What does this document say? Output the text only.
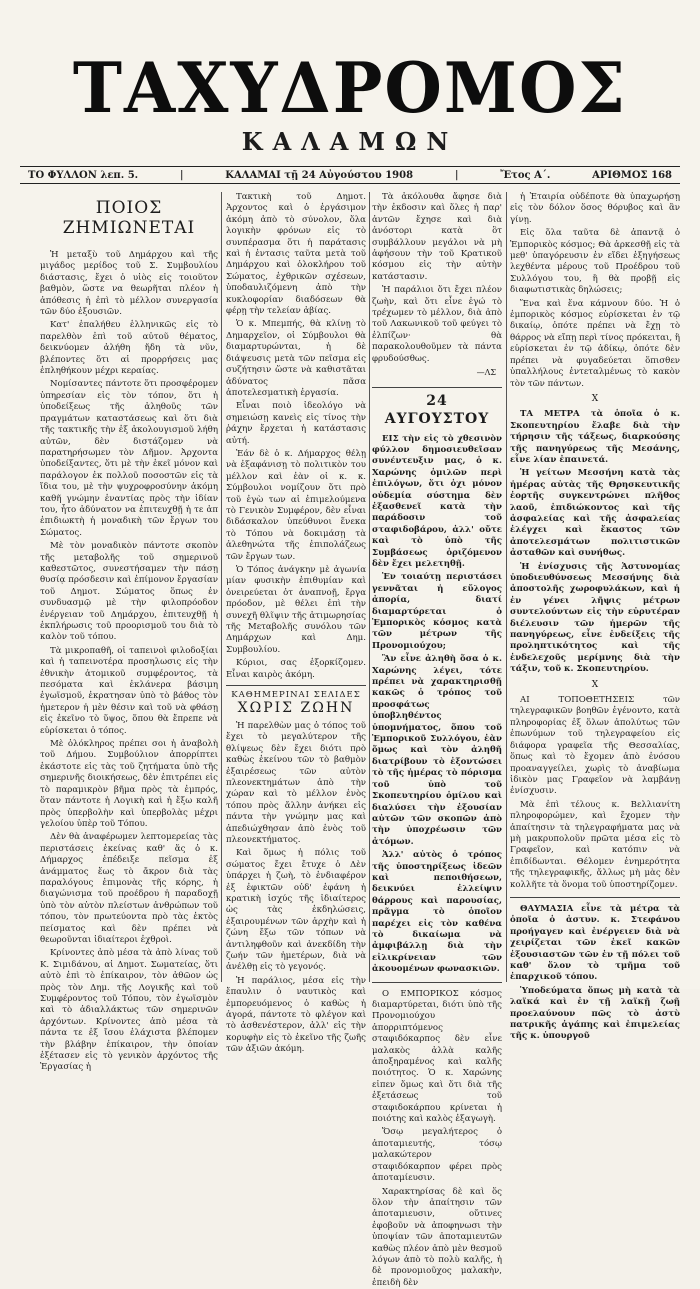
ΤΑΧΥΔΡΟΜΟΣ
ΚΑΛΑΜΩΝ
ΤΟ ΦΥΛΛΟΝ λεπ. 5.	|	ΚΑΛΑΜΑΙ τῇ 24 Αὐγούστου 1908	|	Ἔτος Α΄.	ΑΡΙΘΜΟΣ 168
ΠΟΙΟΣ ΖΗΜΙΩΝΕΤΑΙ

Ἡ μεταξὺ τοῦ Δημάρχου καὶ τῆς μιγάδος μερίδος τοῦ Σ. Συμβουλίου διάστασις, ἔχει ὁ υἱὸς εἰς τοιοῦτον βαθμὸν, ὥστε να θεωρῆται πλέον ἡ ἀπόθεσις ἡ ἐπὶ τὸ μέλλον συνεργασία τῶν δύο ἐξουσιῶν.

Κατ' ἐπαλήθευ ἑλληνικῶς εἰς τὸ παρελθὸν ἐπὶ τοῦ αὐτοῦ θέματος, δεικνύομεν ἀλήθη ἤδη τὰ νῦν, βλέποντες ὅτι αἱ προρρήσεις μας ἐπληθήκουν μέχρι κεραίας.

Νομίσαντες πάντοτε ὅτι προσφέρομεν ὑπηρεσίαν εἰς τὸν τόπον, ὅτι ἡ ὑποδείξεως τῆς ἀληθοῦς τῶν πραγμάτων καταστάσεως καὶ ὅτι διὰ τῆς τακτικῆς τὴν ἐξ ἀκολουγισμοῦ λήθη αὐτῶν, δὲν διστάζομεν νὰ παρατηρήσωμεν τὸν Δῆμον. Ἀρχοντα ὑποδείξαντες, ὅτι μὲ τὴν ἐκεῖ μόνον καὶ παράλογον ἐκ πολλοῦ ποσοστῶν εἰς τὰ ἴδια του, μὲ τὴν ψυχροφροσύνην ἀκόμη καθῆ γνώμην ἐναντίας πρὸς τὴν ἰδίαν του, ἦτο ἀδύνατον να ἐπιτευχθῇ ἡ τε ἀπ ἐπιδιωκτὴ ἡ μοναδικὴ τῶν ἔργων του Σώματος.

Μὲ τὸν μοναδικὸν πάντοτε σκοπὸν τῆς μεταβολῆς τοῦ σημερινοῦ καθεστῶτος, συνεστήσαμεν τὴν πάσῃ θυσίᾳ πρόσδεσιν καὶ ἐπίμονον ἔργασίαν τοῦ Δημοτ. Σώματος ὅπως ἐν συνδυασμῷ μὲ τὴν φιλοπρόοδον ἐνέργειαν τοῦ Δημάρχου, ἐπιτευχθῇ ἡ ἐκπλήρωσις τοῦ προορισμοῦ του διὰ τὸ καλὸν τοῦ τόπου.

Τὰ μικροπαθῆ, οἱ ταπεινοὶ φιλοδοξίαι καὶ ἡ ταπεινοτέρα προσηλωσις εἰς τὴν ἐθνικὴν ἀτομικοῦ συμφέροντος, τὰ πεσόματα καὶ ἐκλάνερα βάσιμη ἐγωϊσμοῦ, ἐκρατησαν ὑπὸ τὸ βάθος τὸν ἡμετερον ἡ μὲν θέσιν καὶ τοῦ νὰ φθάσῃ εἰς ἐκεῖνο τὸ ὕψος, ὅπου θὰ ἔπρεπε νὰ εὑρίσκεται ὁ τόπος.

Μὲ ὁλόκληρος πρέπει σοι ἡ ἀναβολὴ τοῦ Δήμου. Συμβούλιον ἀπορρίπτει ἑκάστοτε εἰς τὰς τοῦ ζητήματα ὑπὸ τῆς σημερινῆς διοικήσεως, δὲν ἐπιτρέπει εἰς τὸ παραμικρὸν βῆμα πρὸς τὰ ἐμπρός, ὅταν πάντοτε ἡ Λογικὴ καὶ ἡ ἔξω καλῆ πρὸς ὑπερβολὴν καὶ ὑπερβολὰς μέχρι γελοίου ὑπὲρ τοῦ Τόπου.

Δὲν θὰ ἀναφέρωμεν λεπτομερείας τὰς περιστάσεις ἐκείνας καθ' ἅς ὁ κ. Δήμαρχος ἐπέδειξε πεῖσμα ἐξ ἀνάμματος ἕως τὸ ἄκρον διὰ τὰς παραλόγους ἐπιμονὰς τῆς κόρης, ἡ διαγώνισμα τοῦ προέδρου ἡ παραδοχῇ ὑπὸ τὸν αὐτὸν πλείστων ἀνθρώπων τοῦ τόπου, τὸν πρωτεύοντα πρὸ τὰς ἐκτὸς πείσματος καὶ δὲν πρέπει νὰ θεωροῦνται ἰδιαίτεροι ἐχθροὶ.

Κρίνοντες ἀπὸ μέσα τὰ ἀπὸ λίνας τοῦ Κ. Σιμιδάνου, αἱ Δημοτ. Σωματείας, ὅτι αὐτὸ ἐπὶ τὸ ἐπίκαιρον, τὸν ἀθῶον ὡς πρὸς τὸν Δημ. τῆς Λογικῆς καὶ τοῦ Συμφέροντος τοῦ Τόπου, τὸν ἐγωϊσμὸν καὶ τὸ ἀδιαλλάκτως τῶν σημερινῶν ἀρχόντων. Κρίνοντες ἀπὸ μέσα τὰ πάντα τε ἐξ ἴσου ἐλάχιστα βλέπομεν τὴν βλάβην ἐπίκαιρον, τὴν ὁποίαν ἐξέτασεν εἰς τὸ γενικὸν ἀρχόντος τῆς Ἐργασίας ἡ

Τακτικὴ τοῦ Δημοτ. Ἀρχοντος καὶ ὁ ἐργάσιμον ἀκόμη ἀπὸ τὸ σύνολον, ὅλα λογικὴν φρόνων εἰς τὸ συνπέρασμα ὅτι ἡ παράτασις καὶ ἡ ἐντασις ταῦτα μετὰ τοῦ Δημάρχου καὶ ὁλοκλήρου τοῦ Σώματος, ἐχθρικῶν σχέσεων, ὑποδαυλιζόμενη ἀπὸ τὴν κυκλοφορίαν διαδόσεων θὰ φέρῃ τὴν τελείαν ἀβίας.

Ὁ κ. Μπεμπής, θὰ κλίνῃ τὸ Δημαρχεῖον, οἱ Σύμβουλοι θὰ διαμαρτυρώνται, ἡ δὲ διάψευσις μετὰ τῶν πεῖσμα εἰς συζήτησιν ὥστε νὰ καθιστᾶται ἀδύνατος πᾶσα ἀποτελεσματικὴ ἐργασία.

Εἶναι ποιὸ ἰδεολόγο νὰ σημειώσῃ κανεὶς εἰς τίνος τὴν ῥάχην ἔρχεται ἡ κατάστασις αὐτή.

Ἐάν δὲ ὁ κ. Δήμαρχος θέλῃ νὰ ἐξαφάνισῃ τὸ πολιτικὸν του μέλλον καὶ ἐὰν οἱ κ. κ. Σύμβουλοι νομίζουν ὅτι πρὸ τοῦ ἐγὼ των αἱ ἐπιμελούμενα τὸ Γενικὸν Συμφέρον, δὲν εἶναι διδάσκαλον ὑπεύθυνοι ἕνεκα τὸ Τόπου νὰ δοκιμάσῃ τὰ ἀλεθηνώτα τῆς ἐπιπολάζεως τῶν ἔργων των.

Ὁ Τόπος ἀνάγκην μὲ ἀγωνία μίαν φυσικὴν ἐπιθυμίαν καὶ ὀνειρεύεται ὁτ ἀναπνοῇ, ἔργα πρόοδον, μὲ θέλει ἐπὶ τὴν συνεχῆ θλῖψιν τῆς ἀτιμωρησίας τῆς Μεταβολῆς συνόλου τῶν Δημάρχων καὶ Δημ. Συμβουλίου.

Κύριοι, σας ἐξορκίζομεν. Εἶναι καιρὸς ἀκόμη.

ΚΑΘΗΜΕΡΙΝΑΙ ΣΕΛΙΔΕΣ
ΧΩΡΙΣ ΖΩΗΝ

Ἡ παρελθὼν μας ὁ τόπος τοῦ ἔχει τὸ μεγαλύτερον τῆς θλίψεως δὲν ἔχει διότι πρὸ καθὼς ἐκείνου τῶν τὸ βαθμὸν ἐξαιρέσεως τῶν αὐτὸν πλεονεκτημάτων ἀπὸ τὴν χώραν καὶ τὸ μέλλον ἑνὸς τόπου πρὸς ἄλλην ἀνήκει εἰς πάντα τὴν γνώμην μας καὶ ἀπεδιώχθησαν ἀπὸ ἑνὸς τοῦ πλεονεκτήματος.

Καὶ ὅμως ἡ πόλις τοῦ σώματος ἔχει ἔτυχε ὁ Δὲν ὑπάρχει ἡ ζωὴ, τὸ ἐνδιαφέρον ἐξ ἐφικτῶν οὐδ' ἐφάνη ἡ κρατικὴ ἰσχύς τῆς ἰδιαίτερος ὡς τὰς ἐκδηλώσεις, ἐξαιρουμένων τῶν ἀρχὴν καὶ ἡ ζώνη ἔξω τῶν τόπων νὰ ἀντιληφθοῦν καὶ ἀνεκδίδη τὴν ζωήν τῶν ἡμετέρων, διὰ νὰ ἀνέλθῃ εἰς τὸ γεγονός.

Ἡ παράλιος, μέσα εἰς τὴν ἔπαυλιν ὁ ναυτικὸς καὶ ἐμπορευόμενος ὁ καθὼς ἡ ἀγορά, πάντοτε τὸ φλέγον καὶ τὸ ἀσθενέστερον, ἀλλ' εἰς τὴν κορυφὴν εἰς τὸ ἐκεῖνο τῆς ζωῆς τῶν ἀξιῶν ἀκόμη.

Τὰ ἀκόλουθα ἄφησε διὰ τὴν ἐκδοσιν καὶ ὅλες ἡ παρ' ἀντῶν ἔχησε καὶ διὰ ἀνόστορι κατὰ ὃτ συμβάλλουν μεγάλοι νὰ μὴ ἀφήσουν τὴν τοῦ Κρατικοῦ κόσμου εἰς τὴν αὐτὴν κατάστασιν.

Ἡ παράλιοι ὅτι ἔχει πλέον ζωὴν, καὶ ὅτι εἶνε ἐγώ τὸ τρέχωμεν τὸ μέλλον, διὰ ἀπὸ τοῦ Λακωνικοῦ τοῦ φεύγει τὸ ἐλπίζων· θὰ παρακολουθοῦμεν τὰ πάντα φρυδούσθως.

—ΛΣ
24 ΑΥΓΟΥΣΤΟΥ

ΕΙΣ τὴν εἰς τὸ χθεσινὸν φύλλον δημοσιευθεῖσαν συνέντευξιν μας, ὁ κ. Χαρώνης ὁμιλῶν περὶ ἐπιλόγων, ὅτι ὁχι μόνον οὐδεμία σύστημα δὲν ἐξασθενεῖ κατὰ τὴν παράδοσιν τοῦ σταφιδοβάρου, ἀλλ' οὔτε καὶ τὸ ὑπὸ τῆς Συμβάσεως ὁριζόμενον δὲν ἔχει μελετηθῇ.

Ἐν τοιαύτῃ περιστάσει γεννᾶται ἡ εὔλογος ἀπορία, διατί διαμαρτύρεται ὁ Ἐμπορικὸς κόσμος κατὰ τῶν μέτρων τῆς Προνομιούχου;

Ἂν εἶνε ἀληθὴ ὅσα ὁ κ. Χαρώνης λέγει, τότε πρέπει νὰ χαρακτηρισθῇ κακῶς ὁ τρόπος τοῦ προσφάτως ὑποβληθέντος ὑπομνήματος, ὅπου τοῦ Ἐμπορικοῦ Συλλόγου, ἐὰν ὅμως καὶ τὸν ἀληθῆ διατρίβουν τὸ ἐξοντώσει τὸ τῆς ἡμέρας τὸ πόρισμα τοῦ ὑπὸ τοῦ Σκοπευτηρίου ὁμίλου καὶ διαλύσει τὴν ἐξουσίαν αὐτῶν τῶν σκοπῶν ἀπὸ τὴν ὑποχρέωσιν τῶν ἀτόμων.

Ἀλλ' αὐτὸς ὁ τρόπος τῆς ὑποστηρίξεως ἰδεῶν καὶ πεποιθήσεων, δεικνύει ἑλλείψιν θάρρους καὶ παρουσίας, πρᾶγμα τὸ ὁποῖον παρέχει εἰς τὸν καθένα τὸ δικαίωμα νὰ ἀμφιβάλλῃ διὰ τὴν εἰλικρίνειαν τῶν ἀκουομένων φωνασκιῶν.

Ο ΕΜΠΟΡΙΚΟΣ κόσμος διαμαρτύρεται, διότι ὑπὸ τῆς Προνομιούχου ἀπορριπτόμενος σταφιδόκαρπος δὲν εἶνε μαλακὸς ἀλλὰ καλῆς ἀποξηραμένος καὶ καλῆς ποιότητος. Ὁ κ. Χαρώνης εἰπεν ὅμως καὶ ὅτι διὰ τῆς ἐξετάσεως τοῦ σταφιδοκάρπου κρίνεται ἡ ποιότης καὶ καλὸς ἐξαγωγὴ.

Ὅσῳ μεγαλήτερος ὁ ἀποταμιευτής, τόσῳ μαλακώτερον σταφιδόκαρπον φέρει πρὸς ἀποταμίευσιν.

Χαρακτηρίσας δὲ καὶ ὅς ὅλον τὴν ἀπαίτησιν τῶν ἀποταμιευσιν, οὔτινες ἐφοβοῦν νὰ ἀποφηνωσι τὴν ὑποψίαν τῶν ἀποταμιευτῶν καθὼς πλέον ἀπὸ μὲν θεσμοῦ λόγων ἀπὸ τὸ πολὺ καλῆς, ἡ δὲ προνομιοῦχος μαλακὴν, ἐπειδὴ δὲν

ἡ Ἑταιρία οὐδέποτε θὰ ὑπαχωρήσῃ εἰς τὸν δόλον ὅσος θόρυβος καὶ ἂν γίνῃ.

Εἰς ὅλα ταῦτα δὲ ἀπαντᾷ ὁ Ἐμπορικὸς κόσμος; Θὰ ἀρκεσθῇ εἰς τὰ μεθ' ὑπαγόρευσιν ἐν εἴδει ἐξηγήσεως λεχθέντα μέρους τοῦ Προέδρου τοῦ Συλλόγου του, ἢ θὰ προβῇ εἰς διαφωτιστικὰς δηλώσεις;

Ἕνα καὶ ἕνα κάμνουν δύο. Ἡ ὁ ἐμπορικὸς κόσμος εὑρίσκεται ἐν τῷ δικαίῳ, ὁπότε πρέπει νὰ ἔχῃ τὸ θάρρος νὰ εἴπῃ περὶ τίνος πρόκειται, ἢ εὑρίσκεται ἐν τῷ ἀδίκῳ, ὁπότε δὲν πρέπει νὰ φυγαδεύεται ὅπισθεν ὑπαλλήλους ἐντεταλμένως τὸ κακὸν τὸν τῶν πάντων.

Χ

ΤΑ ΜΕΤΡΑ τὰ ὁποῖα ὁ κ. Σκοπευτηρίου ἔλαβε διὰ τὴν τήρησιν τῆς τάξεως, διαρκούσης τῆς πανηγύρεως τῆς Μεσάνης, εἶνε λίαν ἐπαινετά.

Ἡ γείτων Μεσσήνη κατὰ τὰς ἡμέρας αὐτὰς τῆς Θρησκευτικῆς ἑορτῆς συγκεντρώνει πλῆθος λαοῦ, ἐπιδιώκοντος καὶ τῆς ἀσφαλείας καὶ τῆς ἀσφαλείας ἐλέγχει καὶ ἕκαστος τῶν ἀποτελεσμάτων πολιτιστικῶν ἀσταθῶν καὶ συνήθως.

Ἡ ἐνίσχυσις τῆς Ἀστυνομίας ὑποδιευθύνσεως Μεσσήνης διὰ ἀποστολῆς χωροφυλάκων, καὶ ἡ ἐν γένει λῆψις μέτρων συντελούντων εἰς τὴν εὐρυτέραν διέλευσιν τῶν ἡμερῶν τῆς πανηγύρεως, εἶνε ἐνδείξεις τῆς προληπτικότητος καὶ τῆς ἐνδελεχοῦς μερίμνης διὰ τὴν τάξιν, τοῦ κ. Σκοπευτηρίου.

Χ

ΑΙ ΤΟΠΟΘΕΤΗΣΕΙΣ τῶν τηλεγραφικῶν βοηθῶν ἐγένοντο, κατὰ πληροφορίας ἐξ ὅλων ἀπολύτως τῶν ἐπωνύμων τοῦ τηλεγραφείου εἰς διάφορα γραφεῖα τῆς Θεσσαλίας, ὅπως καὶ τὸ ἔχομεν ἀπὸ ἐνόσου προαναγγείλει, χωρὶς τὸ ἀναβίωμα ἰδικὸν μας Γραφεῖον νὰ λαμβάνῃ ἐνίσχυσιν.

Μὰ ἐπὶ τέλους κ. Βελλιανίτη πληροφορώμεν, καὶ ἔχομεν τὴν ἀπαίτησιν τὰ τηλεγραφήματα μας νὰ μὴ μακρυπολοῦν πρῶτα μέσα εἰς τὸ Γραφεῖον, καὶ κατόπιν νὰ ἐπιδίδωνται. Θέλομεν ἐνημερότητα τῆς τηλεγραφικῆς, ἄλλως μὴ μὰς δὲν κολλῆτε τὰ ὅνομα τοῦ ὑποστηρίζομεν.

ΘΑΥΜΑΣΙΑ εἶνε τὰ μέτρα τὰ ὁποῖα ὁ ἀστυν. κ. Στεφάνου προήγαγεν καὶ ἐνέργειεν διὰ νὰ χειρίζεται τῶν ἐκεῖ κακῶν ἐξουσιαστῶν τῶν ἐν τῇ πόλει τοῦ καθ' ὅλον τὸ τμῆμα τοῦ ἐπαρχικοῦ τόπου.

Ὑποδεύματα ὅπως μὴ κατὰ τὰ λαϊκά καὶ ἐν τῇ λαϊκῇ ζωῇ προελαύνουν πῶς τὸ ἀστὺ πατρικῆς ἀγάπης καὶ ἐπιμελείας τῆς κ. ὑπουργοῦ
